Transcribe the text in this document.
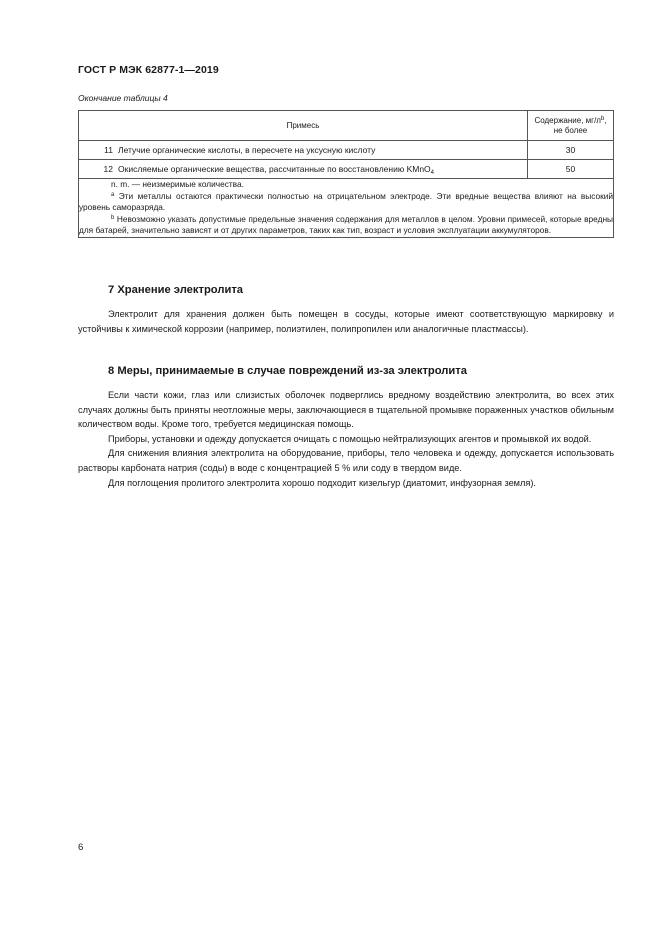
ГОСТ Р МЭК 62877-1—2019
Окончание таблицы 4
Примесь	Содержание, $мг/л^b$,
не более
11 Летучие органические кислоты, в пересчете на уксусную кислоту	30
12 Окисляемые органические вещества, рассчитанные по восстановлению KMnO$_4$	50

n. m. — неизмеримые количества.

$^a$ Эти металлы остаются практически полностью на отрицательном электроде. Эти вредные вещества влияют на высокий уровень саморазряда.

$^b$ Невозможно указать допустимые предельные значения содержания для металлов в целом. Уровни примесей, которые вредны для батарей, значительно зависят и от других параметров, таких как тип, возраст и условия эксплуатации аккумуляторов.	

7 Хранение электролита

Электролит для хранения должен быть помещен в сосуды, которые имеют соответствующую маркировку и устойчивы к химической коррозии (например, полиэтилен, полипропилен или аналогичные пластмассы).

8 Меры, принимаемые в случае повреждений из-за электролита

Если части кожи, глаз или слизистых оболочек подверглись вредному воздействию электролита, во всех этих случаях должны быть приняты неотложные меры, заключающиеся в тщательной промывке пораженных участков обильным количеством воды. Кроме того, требуется медицинская помощь.

Приборы, установки и одежду допускается очищать с помощью нейтрализующих агентов и промывкой их водой.

Для снижения влияния электролита на оборудование, приборы, тело человека и одежду, допускается использовать растворы карбоната натрия (соды) в воде с концентрацией 5 % или соду в твердом виде.

Для поглощения пролитого электролита хорошо подходит кизельгур (диатомит, инфузорная земля).

6
